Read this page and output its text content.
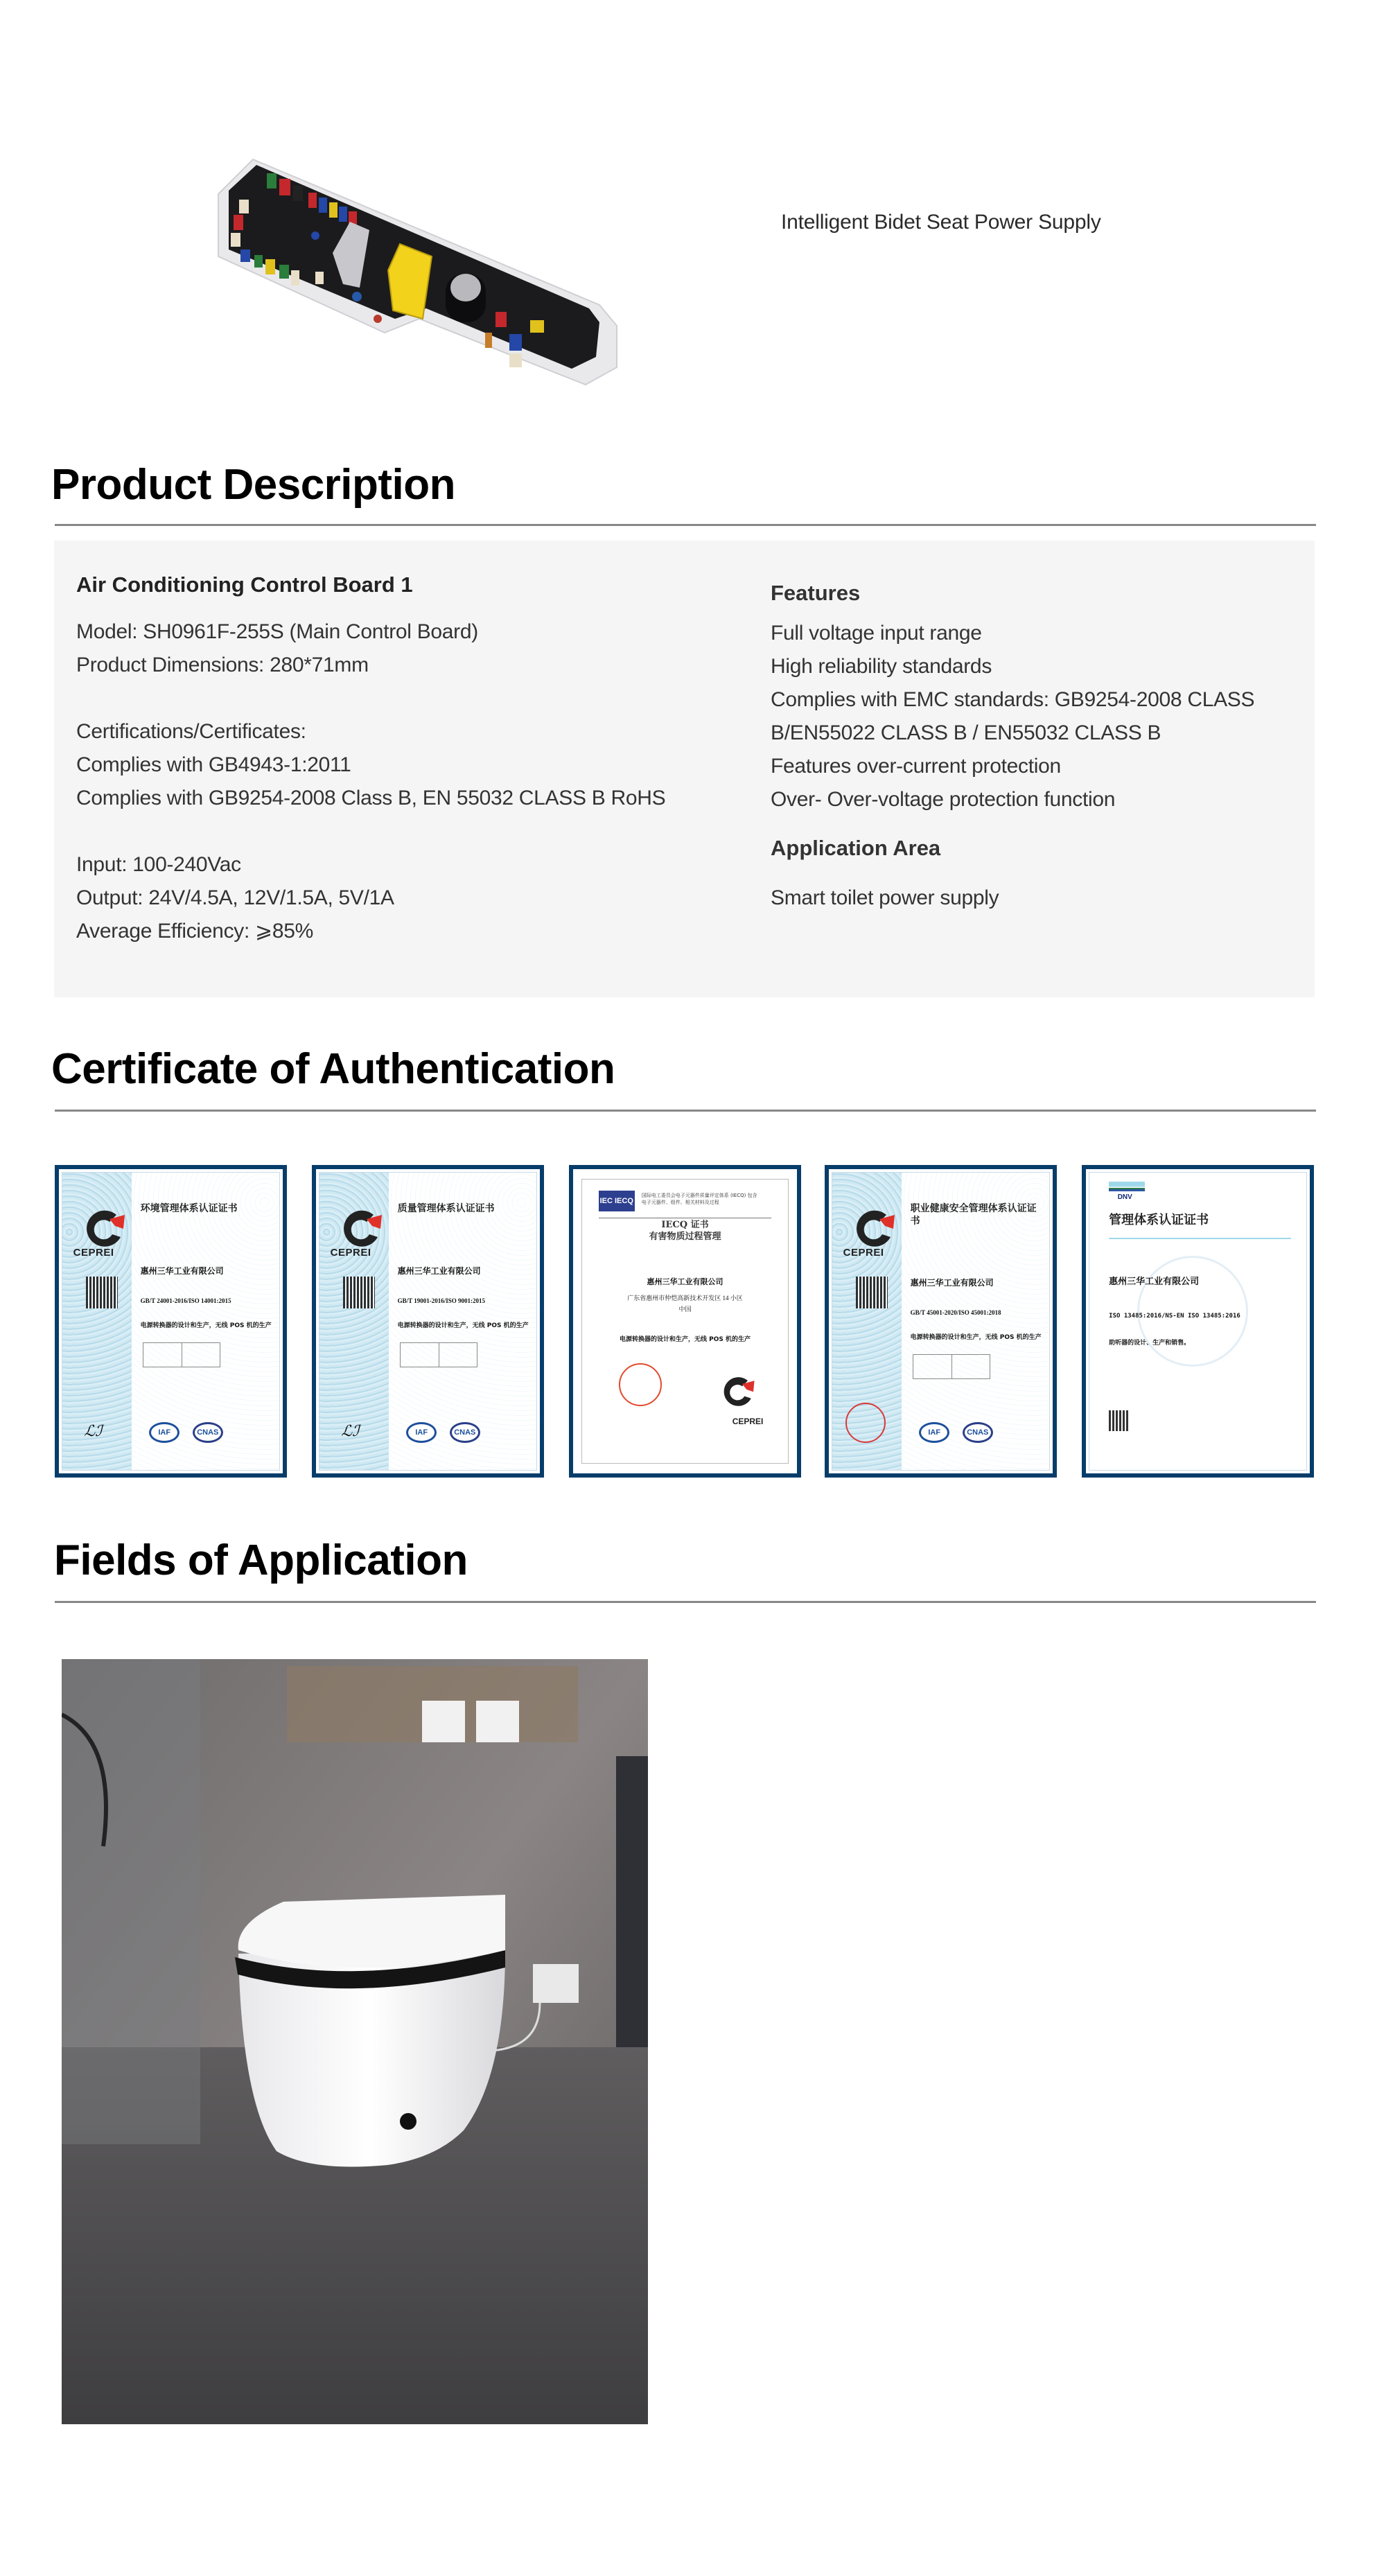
Intelligent Bidet Seat Power Supply
Product Description
Air Conditioning Control Board 1
Model: SH0961F-255S (Main Control Board)
Product Dimensions: 280*71mm
Certifications/Certificates:
Complies with GB4943-1:2011
Complies with GB9254-2008 Class B, EN 55032 CLASS B RoHS
Input: 100-240Vac
Output: 24V/4.5A, 12V/1.5A, 5V/1A
Average Efficiency: ⩾85%
Features
Full voltage input range
High reliability standards
Complies with EMC standards: GB9254-2008 CLASS
B/EN55022 CLASS B / EN55032 CLASS B
Features over-current protection
Over- Over-voltage protection function
Application Area
Smart toilet power supply
Certificate of Authentication
CEPREI
环境管理体系认证证书
惠州三华工业有限公司
GB/T 24001-2016/ISO 14001:2015
电源转换器的设计和生产，无线 POS 机的生产
ℒℐ	IAF	CNAS
CEPREI
质量管理体系认证证书
惠州三华工业有限公司
GB/T 19001-2016/ISO 9001:2015
电源转换器的设计和生产，无线 POS 机的生产
ℒℐ	IAF	CNAS
IEC IECQ
国际电工委员会电子元器件质量评定体系 (IECQ) 包含电子元器件、组件、相关材料及过程
IECQ 证书
有害物质过程管理
惠州三华工业有限公司
广东省惠州市仲恺高新技术开发区 14 小区
中国
电源转换器的设计和生产，无线 POS 机的生产
CEPREI
CEPREI
职业健康安全管理体系认证证书
惠州三华工业有限公司
GB/T 45001-2020/ISO 45001:2018
电源转换器的设计和生产，无线 POS 机的生产
IAF	CNAS
DNV
管理体系认证证书
惠州三华工业有限公司
ISO 13485:2016/NS-EN ISO 13485:2016
助听器的设计、生产和销售。
Fields of Application
